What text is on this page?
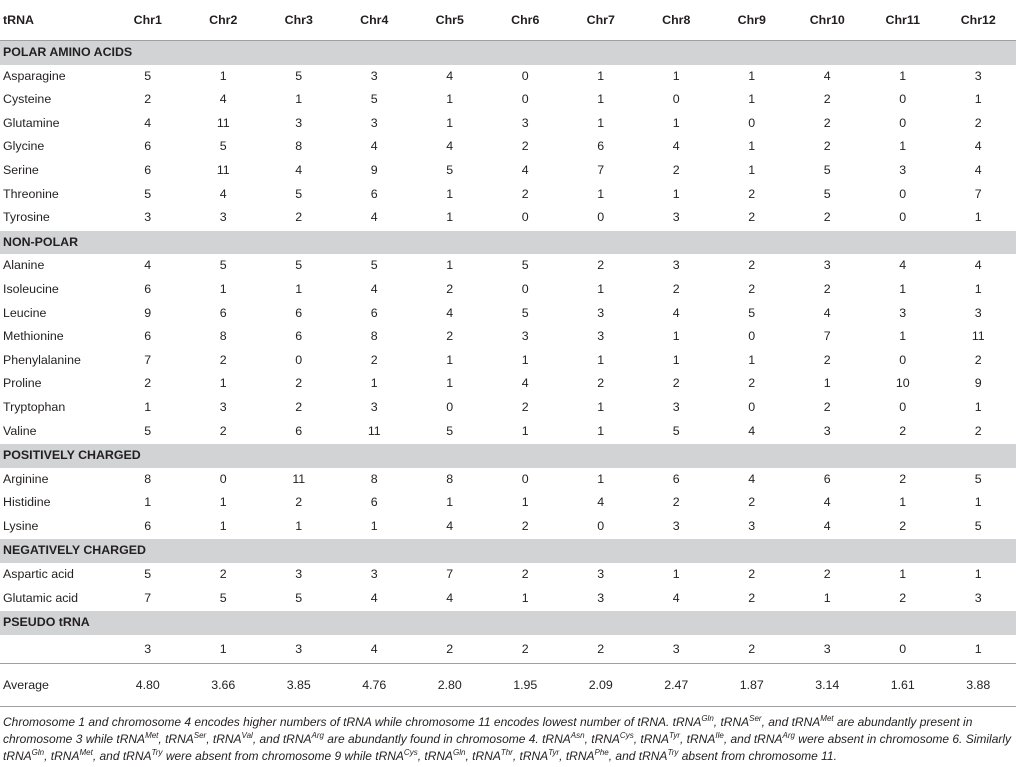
tRNA	Chr1	Chr2	Chr3	Chr4	Chr5	Chr6	Chr7	Chr8	Chr9	Chr10	Chr11	Chr12
POLAR AMINO ACIDS												
Asparagine	5	1	5	3	4	0	1	1	1	4	1	3
Cysteine	2	4	1	5	1	0	1	0	1	2	0	1
Glutamine	4	11	3	3	1	3	1	1	0	2	0	2
Glycine	6	5	8	4	4	2	6	4	1	2	1	4
Serine	6	11	4	9	5	4	7	2	1	5	3	4
Threonine	5	4	5	6	1	2	1	1	2	5	0	7
Tyrosine	3	3	2	4	1	0	0	3	2	2	0	1
NON-POLAR												
Alanine	4	5	5	5	1	5	2	3	2	3	4	4
Isoleucine	6	1	1	4	2	0	1	2	2	2	1	1
Leucine	9	6	6	6	4	5	3	4	5	4	3	3
Methionine	6	8	6	8	2	3	3	1	0	7	1	11
Phenylalanine	7	2	0	2	1	1	1	1	1	2	0	2
Proline	2	1	2	1	1	4	2	2	2	1	10	9
Tryptophan	1	3	2	3	0	2	1	3	0	2	0	1
Valine	5	2	6	11	5	1	1	5	4	3	2	2
POSITIVELY CHARGED												
Arginine	8	0	11	8	8	0	1	6	4	6	2	5
Histidine	1	1	2	6	1	1	4	2	2	4	1	1
Lysine	6	1	1	1	4	2	0	3	3	4	2	5
NEGATIVELY CHARGED												
Aspartic acid	5	2	3	3	7	2	3	1	2	2	1	1
Glutamic acid	7	5	5	4	4	1	3	4	2	1	2	3
PSEUDO tRNA												
	3	1	3	4	2	2	2	3	2	3	0	1
Average	4.80	3.66	3.85	4.76	2.80	1.95	2.09	2.47	1.87	3.14	1.61	3.88
Chromosome 1 and chromosome 4 encodes higher numbers of tRNA while chromosome 11 encodes lowest number of tRNA. tRNA$^{Gln}$, tRNA$^{Ser}$, and tRNA$^{Met}$ are abundantly present in chromosome 3 while tRNA$^{Met}$, tRNA$^{Ser}$, tRNA$^{Val}$, and tRNA$^{Arg}$ are abundantly found in chromosome 4. tRNA$^{Asn}$, tRNA$^{Cys}$, tRNA$^{Tyr}$, tRNA$^{Ile}$, and tRNA$^{Arg}$ were absent in chromosome 6. Similarly tRNA$^{Gln}$, tRNA$^{Met}$, and tRNA$^{Try}$ were absent from chromosome 9 while tRNA$^{Cys}$, tRNA$^{Gln}$, tRNA$^{Thr}$, tRNA$^{Tyr}$, tRNA$^{Phe}$, and tRNA$^{Try}$ absent from chromosome 11.
